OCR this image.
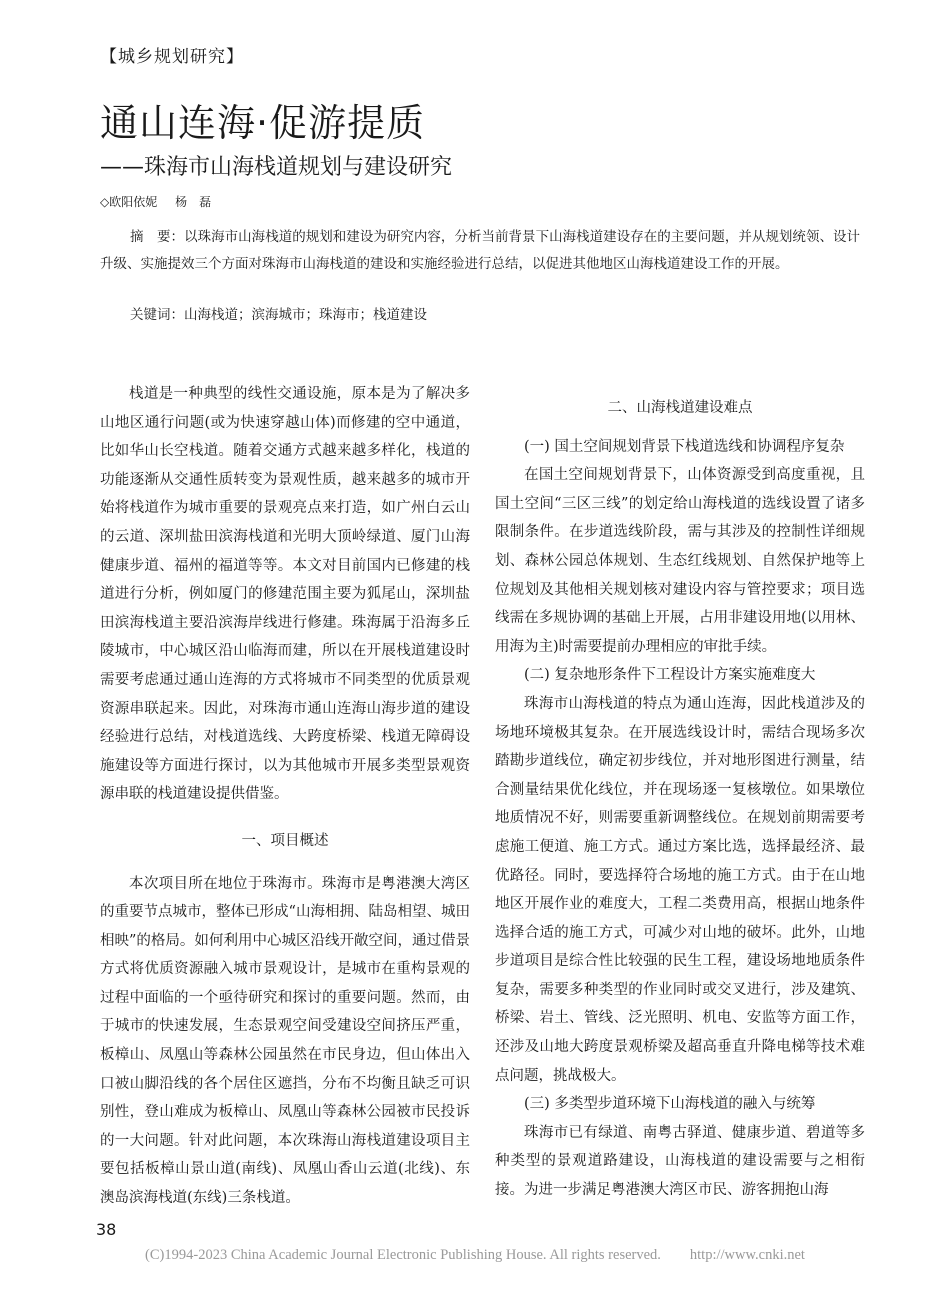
【城乡规划研究】
通山连海·促游提质
——珠海市山海栈道规划与建设研究
◇欧阳依妮 杨　磊

摘　要：以珠海市山海栈道的规划和建设为研究内容，分析当前背景下山海栈道建设存在的主要问题，并从规划统领、设计升级、实施提效三个方面对珠海市山海栈道的建设和实施经验进行总结，以促进其他地区山海栈道建设工作的开展。

关键词：山海栈道；滨海城市；珠海市；栈道建设

栈道是一种典型的线性交通设施，原本是为了解决多山地区通行问题(或为快速穿越山体)而修建的空中通道，比如华山长空栈道。随着交通方式越来越多样化，栈道的功能逐渐从交通性质转变为景观性质，越来越多的城市开始将栈道作为城市重要的景观亮点来打造，如广州白云山的云道、深圳盐田滨海栈道和光明大顶岭绿道、厦门山海健康步道、福州的福道等等。本文对目前国内已修建的栈道进行分析，例如厦门的修建范围主要为狐尾山，深圳盐田滨海栈道主要沿滨海岸线进行修建。珠海属于沿海多丘陵城市，中心城区沿山临海而建，所以在开展栈道建设时需要考虑通过通山连海的方式将城市不同类型的优质景观资源串联起来。因此，对珠海市通山连海山海步道的建设经验进行总结，对栈道选线、大跨度桥梁、栈道无障碍设施建设等方面进行探讨，以为其他城市开展多类型景观资源串联的栈道建设提供借鉴。

一、项目概述

本次项目所在地位于珠海市。珠海市是粤港澳大湾区的重要节点城市，整体已形成“山海相拥、陆岛相望、城田相映”的格局。如何利用中心城区沿线开敞空间，通过借景方式将优质资源融入城市景观设计，是城市在重构景观的过程中面临的一个亟待研究和探讨的重要问题。然而，由于城市的快速发展，生态景观空间受建设空间挤压严重，板樟山、凤凰山等森林公园虽然在市民身边，但山体出入口被山脚沿线的各个居住区遮挡，分布不均衡且缺乏可识别性，登山难成为板樟山、凤凰山等森林公园被市民投诉的一大问题。针对此问题，本次珠海山海栈道建设项目主要包括板樟山景山道(南线)、凤凰山香山云道(北线)、东澳岛滨海栈道(东线)三条栈道。

二、山海栈道建设难点
(一) 国土空间规划背景下栈道选线和协调程序复杂

在国土空间规划背景下，山体资源受到高度重视，且国土空间“三区三线”的划定给山海栈道的选线设置了诸多限制条件。在步道选线阶段，需与其涉及的控制性详细规划、森林公园总体规划、生态红线规划、自然保护地等上位规划及其他相关规划核对建设内容与管控要求；项目选线需在多规协调的基础上开展，占用非建设用地(以用林、用海为主)时需要提前办理相应的审批手续。

(二) 复杂地形条件下工程设计方案实施难度大

珠海市山海栈道的特点为通山连海，因此栈道涉及的场地环境极其复杂。在开展选线设计时，需结合现场多次踏勘步道线位，确定初步线位，并对地形图进行测量，结合测量结果优化线位，并在现场逐一复核墩位。如果墩位地质情况不好，则需要重新调整线位。在规划前期需要考虑施工便道、施工方式。通过方案比选，选择最经济、最优路径。同时，要选择符合场地的施工方式。由于在山地地区开展作业的难度大，工程二类费用高，根据山地条件选择合适的施工方式，可减少对山地的破坏。此外，山地步道项目是综合性比较强的民生工程，建设场地地质条件复杂，需要多种类型的作业同时或交叉进行，涉及建筑、桥梁、岩土、管线、泛光照明、机电、安监等方面工作，还涉及山地大跨度景观桥梁及超高垂直升降电梯等技术难点问题，挑战极大。

(三) 多类型步道环境下山海栈道的融入与统筹

珠海市已有绿道、南粤古驿道、健康步道、碧道等多种类型的景观道路建设，山海栈道的建设需要与之相衔接。为进一步满足粤港澳大湾区市民、游客拥抱山海

38
(C)1994-2023 China Academic Journal Electronic Publishing House. All rights reserved.　　http://www.cnki.net
